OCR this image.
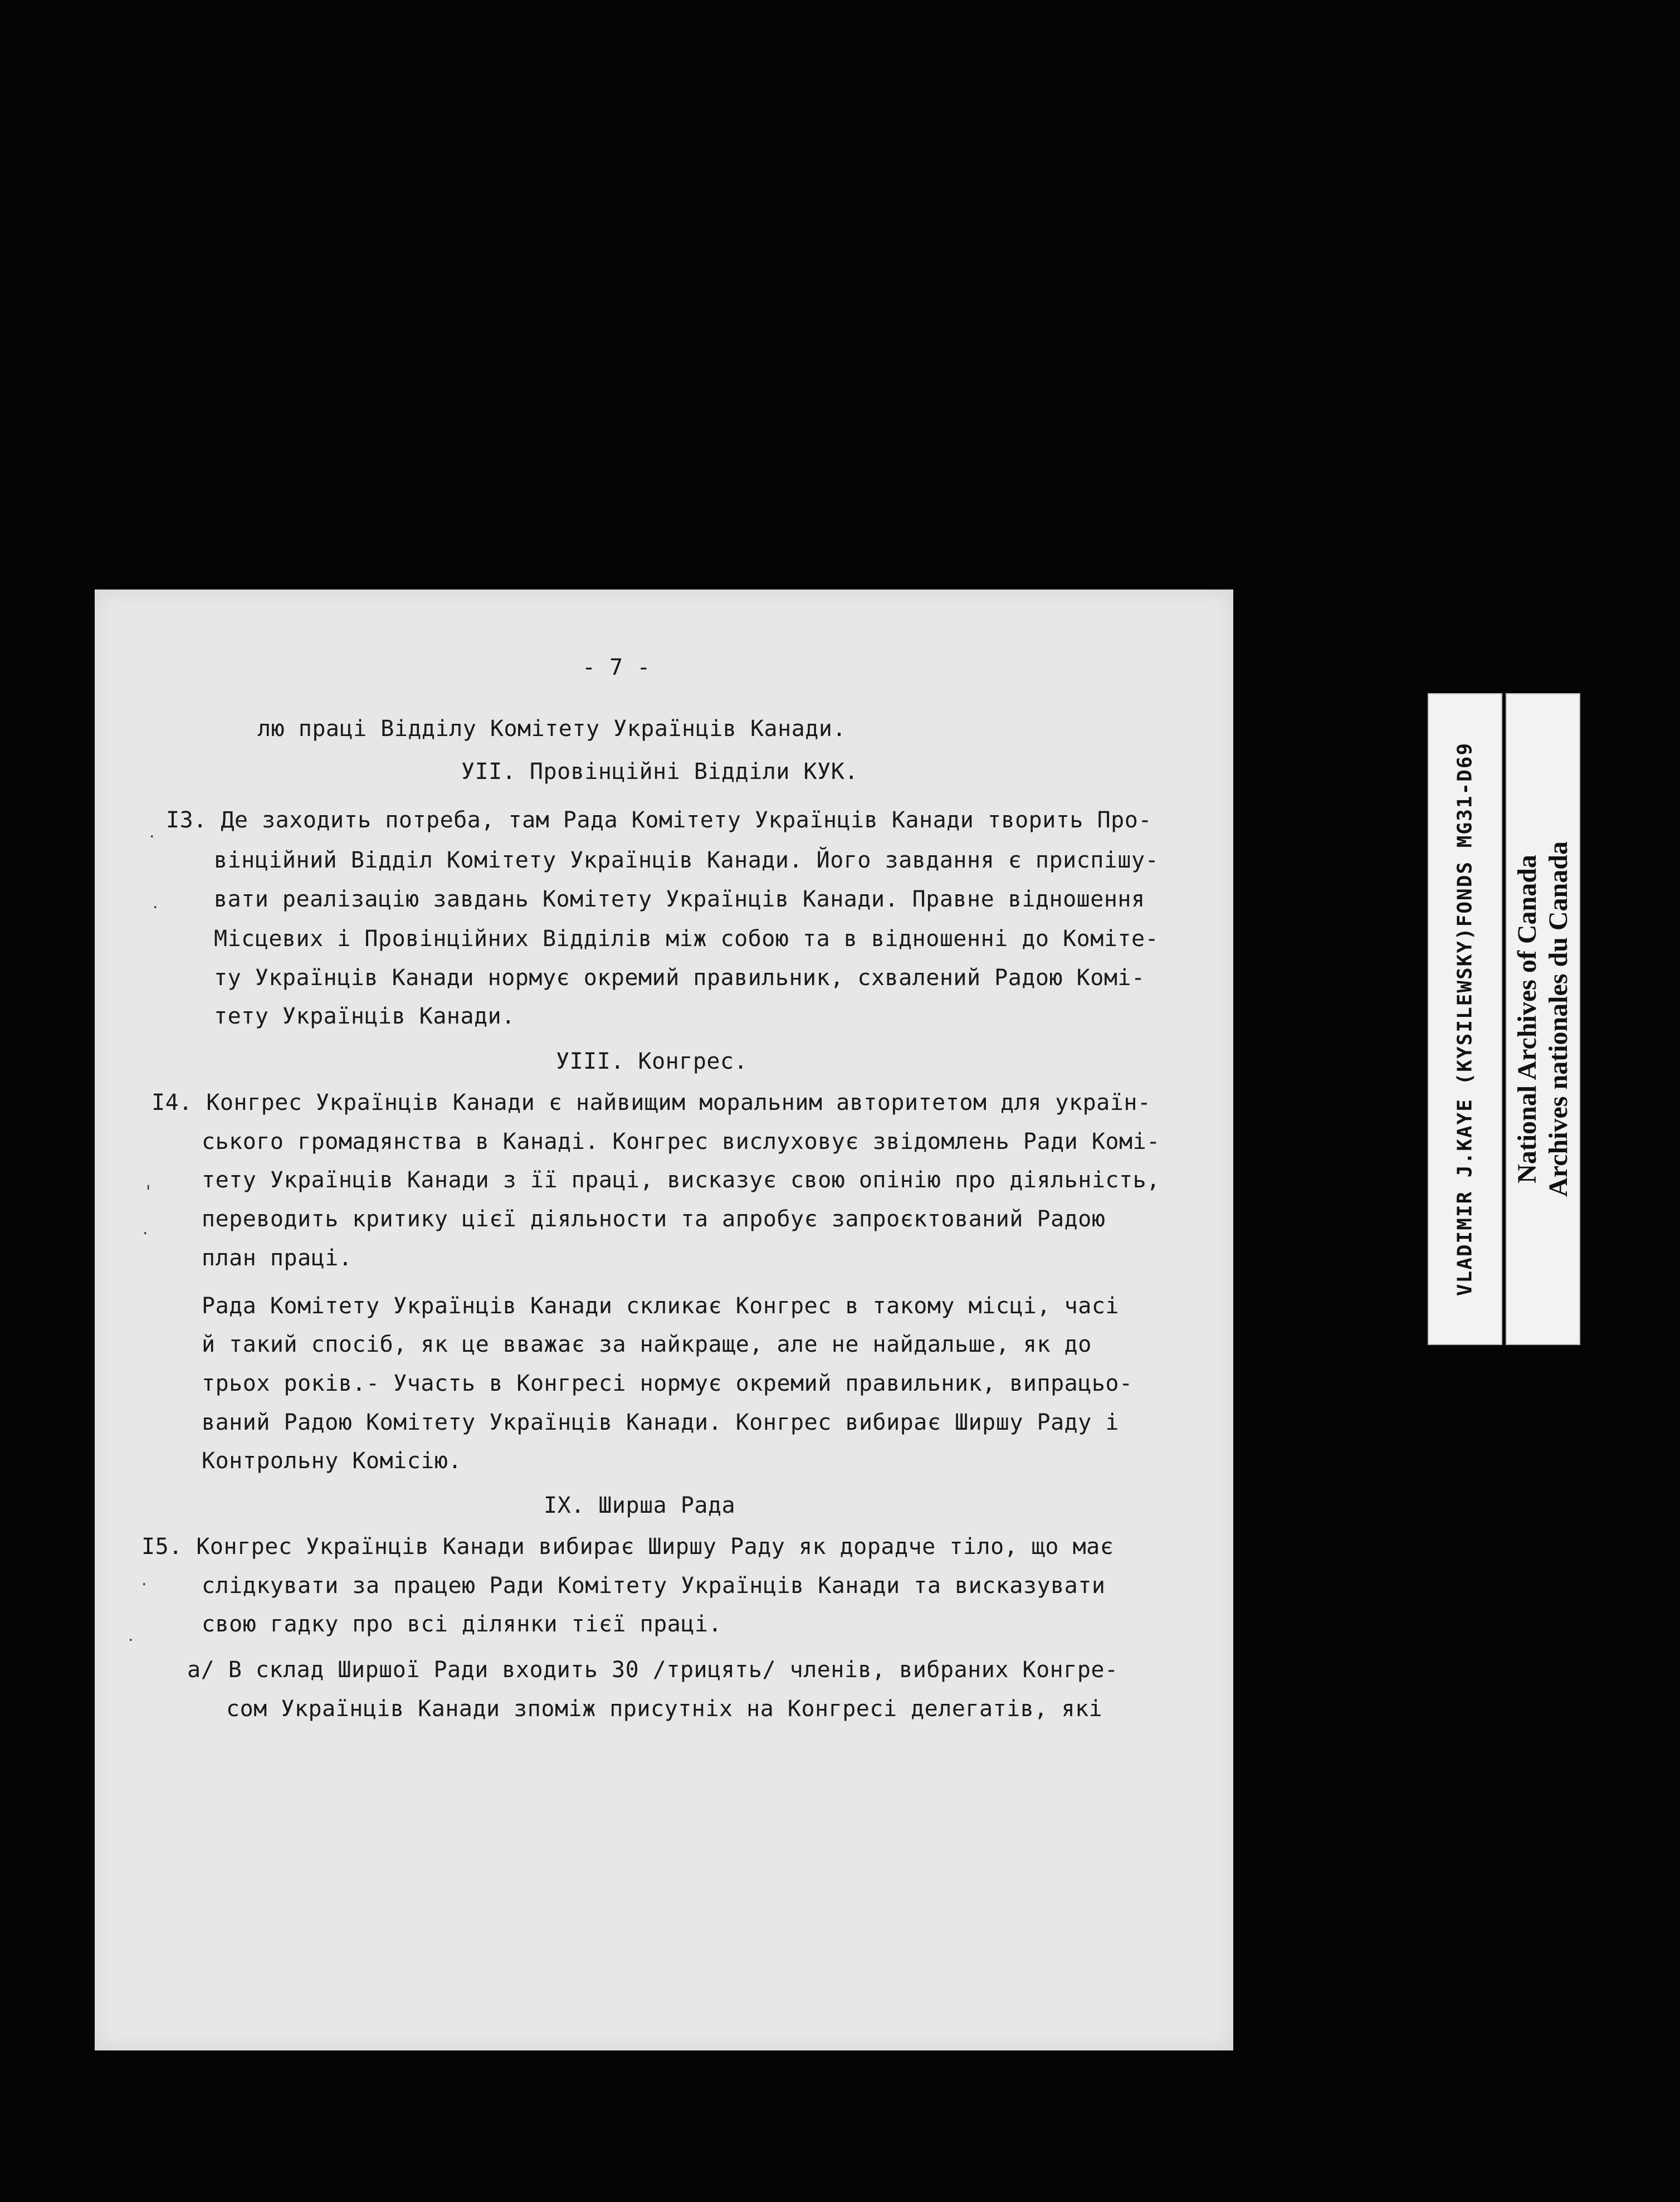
- 7 -
лю праці Відділу Комітету Українців Канади.
УІІ. Провінційні Відділи КУК.
ІЗ. Де заходить потреба, там Рада Комітету Українців Канади творить Про-
вінційний Відділ Комітету Українців Канади. Його завдання є приспішу-
вати реалізацію завдань Комітету Українців Канади. Правне відношення
Місцевих і Провінційних Відділів між собою та в відношенні до Коміте-
ту Українців Канади нормує окремий правильник, схвалений Радою Комі-
тету Українців Канади.
УІІІ. Конгрес.
І4. Конгрес Українців Канади є найвищим моральним авторитетом для україн-
ського громадянства в Канаді. Конгрес вислуховує звідомлень Ради Комі-
тету Українців Канади з її праці, висказує свою опінію про діяльність,
переводить критику цієї діяльности та апробує запроєктований Радою
план праці.
Рада Комітету Українців Канади скликає Конгрес в такому місці, часі
й такий спосіб, як це вважає за найкраще, але не найдальше, як до
трьох років.- Участь в Конгресі нормує окремий правильник, випрацьо-
ваний Радою Комітету Українців Канади. Конгрес вибирає Ширшу Раду і
Контрольну Комісію.
ІХ. Ширша Рада
І5. Конгрес Українців Канади вибирає Ширшу Раду як дорадче тіло, що має
слідкувати за працею Ради Комітету Українців Канади та висказувати
свою гадку про всі ділянки тієї праці.
а/ В склад Ширшої Ради входить 30 /трицять/ членів, вибраних Конгре-
сом Українців Канади зпоміж присутніх на Конгресі делегатів, які
.
.
'
.
.
.
VLADIMIR J.KAYE (KYSILEWSKY)FONDS MG31-D69 National Archives of Canada Archives nationales du Canada
